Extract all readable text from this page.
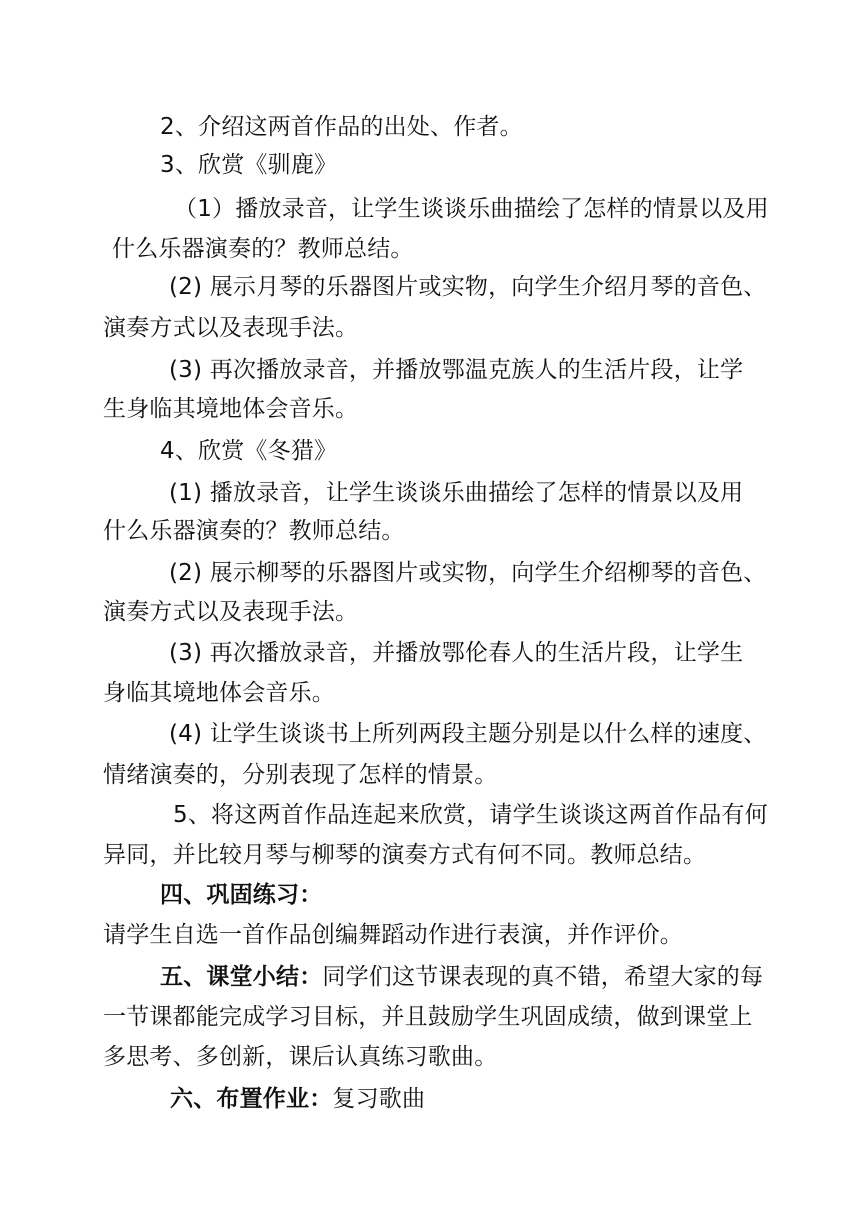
2、介绍这两首作品的出处、作者。
3、欣赏《驯鹿》
（1）播放录音，让学生谈谈乐曲描绘了怎样的情景以及用
什么乐器演奏的？教师总结。
(2) 展示月琴的乐器图片或实物，向学生介绍月琴的音色、
演奏方式以及表现手法。
(3) 再次播放录音，并播放鄂温克族人的生活片段，让学
生身临其境地体会音乐。
4、欣赏《冬猎》
(1) 播放录音，让学生谈谈乐曲描绘了怎样的情景以及用
什么乐器演奏的？教师总结。
(2) 展示柳琴的乐器图片或实物，向学生介绍柳琴的音色、
演奏方式以及表现手法。
(3) 再次播放录音，并播放鄂伦春人的生活片段，让学生
身临其境地体会音乐。
(4) 让学生谈谈书上所列两段主题分别是以什么样的速度、
情绪演奏的，分别表现了怎样的情景。
5、将这两首作品连起来欣赏，请学生谈谈这两首作品有何
异同，并比较月琴与柳琴的演奏方式有何不同。教师总结。
四、巩固练习：
请学生自选一首作品创编舞蹈动作进行表演，并作评价。
五、课堂小结：同学们这节课表现的真不错，希望大家的每
一节课都能完成学习目标，并且鼓励学生巩固成绩，做到课堂上
多思考、多创新，课后认真练习歌曲。
六、布置作业：复习歌曲
